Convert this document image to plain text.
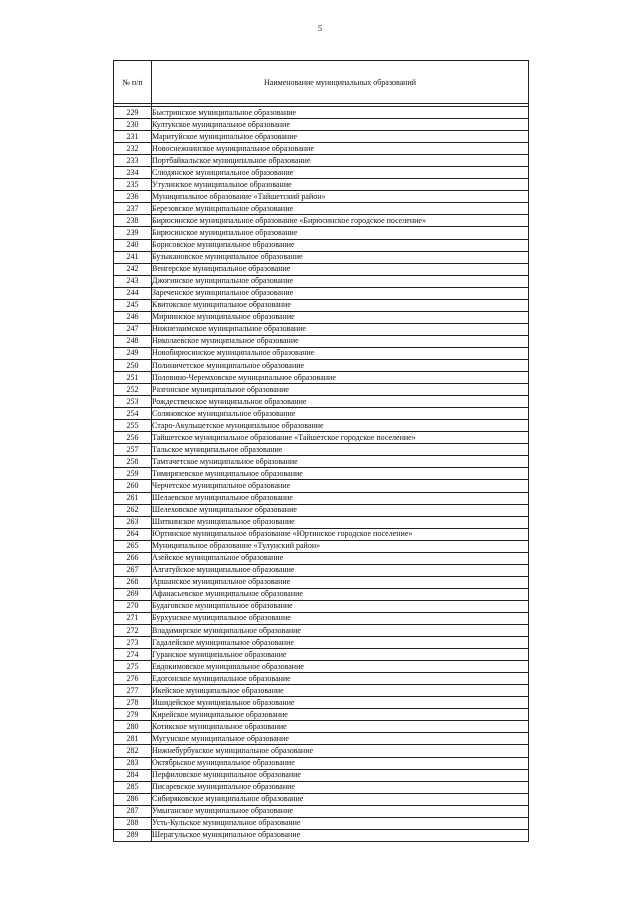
5
№ п/п	Наименование муниципальных образований

229	Быстринское муниципальное образование
230	Култукское муниципальное образование
231	Маритуйское муниципальное образование
232	Новоснежнинское муниципальное образование
233	Портбайкальское муниципальное образование
234	Слюдянское муниципальное образование
235	Утулинское муниципальное образование
236	Муниципальное образование «Тайшетский район»
237	Березовское муниципальное образование
238	Бирюсинское муниципальное образование «Бирюсинское городское поселение»
239	Бирюсинское муниципальное образование
240	Борисовское муниципальное образование
241	Бузыкановское муниципальное образование
242	Венгерское муниципальное образование
243	Джогинское муниципальное образование
244	Зареченское муниципальное образование
245	Квитокское муниципальное образование
246	Мирнинское муниципальное образование
247	Нижнезаимское муниципальное образование
248	Николаевское муниципальное образование
249	Новобирюсинское муниципальное образование
250	Полиничетское муниципальное образование
251	Половино-Черемховское муниципальное образование
252	Разгонское муниципальное образование
253	Рождественское муниципальное образование
254	Соляновское муниципальное образование
255	Старо-Акульшетское муниципальное образование
256	Тайшетское муниципальное образование «Тайшетское городское поселение»
257	Тальское муниципальное образование
258	Тамтачетское муниципальное образование
259	Тимирязевское муниципальное образование
260	Черчетское муниципальное образование
261	Шелаевское муниципальное образование
262	Шелеховское муниципальное образование
263	Шиткинское муниципальное образование
264	Юртинское муниципальное образование «Юртинское городское поселение»
265	Муниципальное образование «Тулунский район»
266	Азейское муниципальное образование
267	Алгатуйское муниципальное образование
268	Аршанское муниципальное образование
269	Афанасьевское муниципальное образование
270	Будаговское муниципальное образование
271	Бурхунское муниципальное образование
272	Владимирское муниципальное образование
273	Гадалейское муниципальное образование
274	Гуранское муниципальное образование
275	Евдокимовское муниципальное образование
276	Едогонское муниципальное образование
277	Икейское муниципальное образование
278	Ишидейское муниципальное образование
279	Кирейское муниципальное образование
280	Котикское муниципальное образование
281	Мугунское муниципальное образование
282	Нижнебурбукское муниципальное образование
283	Октябрьское муниципальное образование
284	Перфиловское муниципальное образование
285	Писаревское муниципальное образование
286	Сибиряковское муниципальное образование
287	Умыганское муниципальное образование
288	Усть-Кульское муниципальное образование
289	Шерагульское муниципальное образование
